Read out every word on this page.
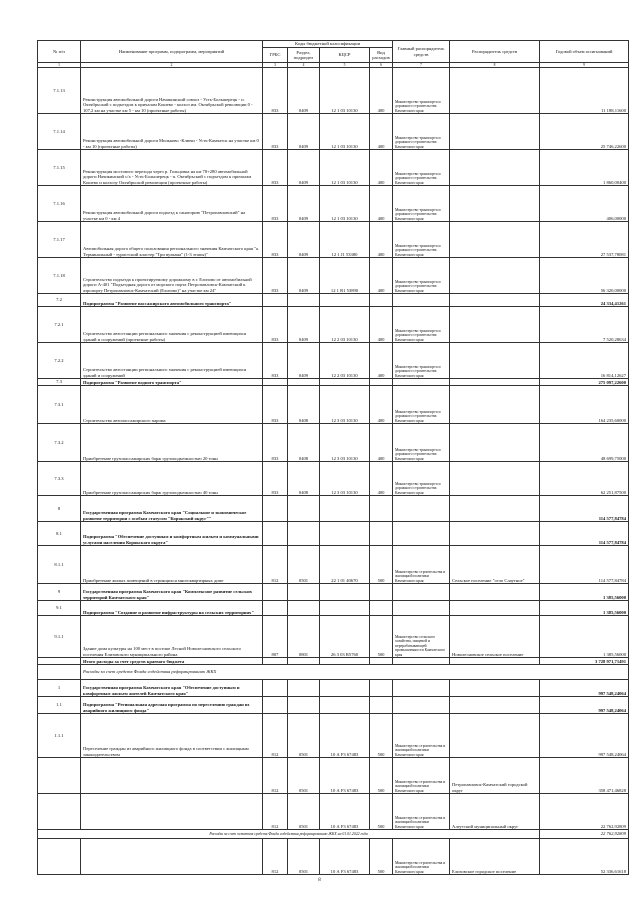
№ п/п	Наименование программ, подпрограмм, мероприятий	Коды бюджетной классификации				Главный распорядитель средств	Распорядитель средств	Годовой объем ассигнований
		ГРБС	Раздел, подраздел	КЦСР	Вид расходов			
1	2	3	4	5	6	7	8	9
7.1.13	Реконструкция автомобильной дороги Начикинский совхоз - Усть-Большерецк - п. Октябрьский с подъездом к причалам Кошево - колхоз им. Октябрьской революции 0 - 107,2 км на участке км 5 - км 10 (проектные работы)	833	0409	12 1 03 10130	400	Министерство транспорта и дорожного строительства Камчатского края		11 188,11600
7.1.14	Реконструкция автомобильной дороги Мильково -Ключи - Усть-Камчатск на участке км 0 - км 10 (проектные работы)	833	0409	12 1 03 10130	400	Министерство транспорта и дорожного строительства Камчатского края		25 746,22600
7.1.15	Реконструкция мостового перехода через р. Гольцовка на км 78+280 автомобильной дороги Начикинский с/х - Усть-Большерецк - п. Октябрьский с подъездом к причалам Кошево и колхозу Октябрьской революции (проектные работы)	833	0409	12 1 03 10130	400	Министерство транспорта и дорожного строительства Камчатского края		1 860,00400
7.1.16	Реконструкция автомобильной дороги подъезд к санаторию "Петропавловский" на участке км 0 - км 4	833	0409	12 1 03 10130	400	Министерство транспорта и дорожного строительства Камчатского края		406,00000
7.1.17	Автомобильная дорога общего пользования регионального значения Камчатского края "а. Терминальный - туристский кластер "Три вулкана" (1-3 этапы)"	833	0409	12 1 J1 53380	400	Министерство транспорта и дорожного строительства Камчатского края		27 537,78081
7.1.18	Строительство подъезда к проектируемому дорожному в г. Елизово от автомобильной дороги А-401 "Подъездная дорога от морского порта Петропавловск-Камчатский к аэропорту Петропавловск-Камчатский (Елизово)" на участке км 24"	833	0409	12 1 R1 53890	400	Министерство транспорта и дорожного строительства Камчатского края		56 320,00000
7.2	Подпрограмма "Развитие пассажирского автомобильного транспорта"							24 334,41261
7.2.1	Строительство автостанции регионального значения с реконструкцией имеющихся зданий и сооружений (проектные работы)	833	0409	12 2 03 10130	400	Министерство транспорта и дорожного строительства Камчатского края		7 520,28634
7.2.2	Строительство автостанции регионального значения с реконструкцией имеющихся зданий и сооружений	833	0409	12 2 03 10130	400	Министерство транспорта и дорожного строительства Камчатского края		16 814,12627
7.3	Подпрограмма "Развитие водного транспорта"							275 097,22600
7.3.1	Строительство автопассажирского парома	833	0408	12 3 03 10130	400	Министерство транспорта и дорожного строительства Камчатского края		164 235,60000
7.3.2	Приобретение грузопассажирских барж грузоподъемностью 20 тонн	833	0408	12 3 03 10130	400	Министерство транспорта и дорожного строительства Камчатского края		48 699,75000
7.3.3	Приобретение грузопассажирских барж грузоподъемностью 40 тонн	833	0408	12 3 03 10130	400	Министерство транспорта и дорожного строительства Камчатского края		62 251,87500
8	Государственная программа Камчатского края "Социальное и экономическое развитие территории с особым статусом "Корякский округ""							114 577,84784
8.1	Подпрограмма "Обеспечение доступным и комфортным жильем и коммунальными услугами населения Корякского округа"							114 577,84784
8.1.1	Приобретение жилых помещений в строящихся многоквартирных доме	812	0501	22 1 01 40670	500	Министерство строительства и жилищной политики Камчатского края	Сельское поселение "село Слаутное"	114 577,84784
9	Государственная программа Камчатского края "Комплексное развитие сельских территорий Камчатского края"							1 385,56000
9.1	Подпрограмма "Создание и развитие инфраструктуры на сельских территориях"							1 385,56000
9.1.1	Здание дома культуры на 100 мест в поселке Лесной Новолесновского сельского поселения Елизовского муниципального района	807	0801	26 3 03 R5760	500	Министерство сельского хозяйства, пищевой и перерабатывающей промышленности Камчатского края	Новолесновское сельское поселение	1 385,56000
	Итого расходы за счет средств краевого бюджета							3 728 971,71491
	Расходы за счет средств Фонда содействия реформированию ЖКХ							
1	Государственная программа Камчатского края "Обеспечение доступным и комфортным жильем жителей Камчатского края"							997 548,24064
1.1	Подпрограмма "Региональная адресная программа по переселению граждан из аварийного жилищного фонда"							997 548,24064
1.1.1	Переселение граждан из аварийного жилищного фонда в соответствии с жилищным законодательством	812	0501	10 А F3 67483	500	Министерство строительства и жилищной политики Камчатского края		997 548,24064
		812	0501	10 А F3 67483	500	Министерство строительства и жилищной политики Камчатского края	Петропавловск-Камчатский городской округ	358 471,46828
		812	0501	10 А F3 67483	500	Министерство строительства и жилищной политики Камчатского края	Алеутский муниципальный округ	22 762,92809
Расходы за счет остатков средств Фонда содействия реформированию ЖКХ на 01.01.2022 года								22 762,92809
		812	0501	10 А F3 67483	500	Министерство строительства и жилищной политики Камчатского края	Елизовское городское поселение	52 336,61618
8
